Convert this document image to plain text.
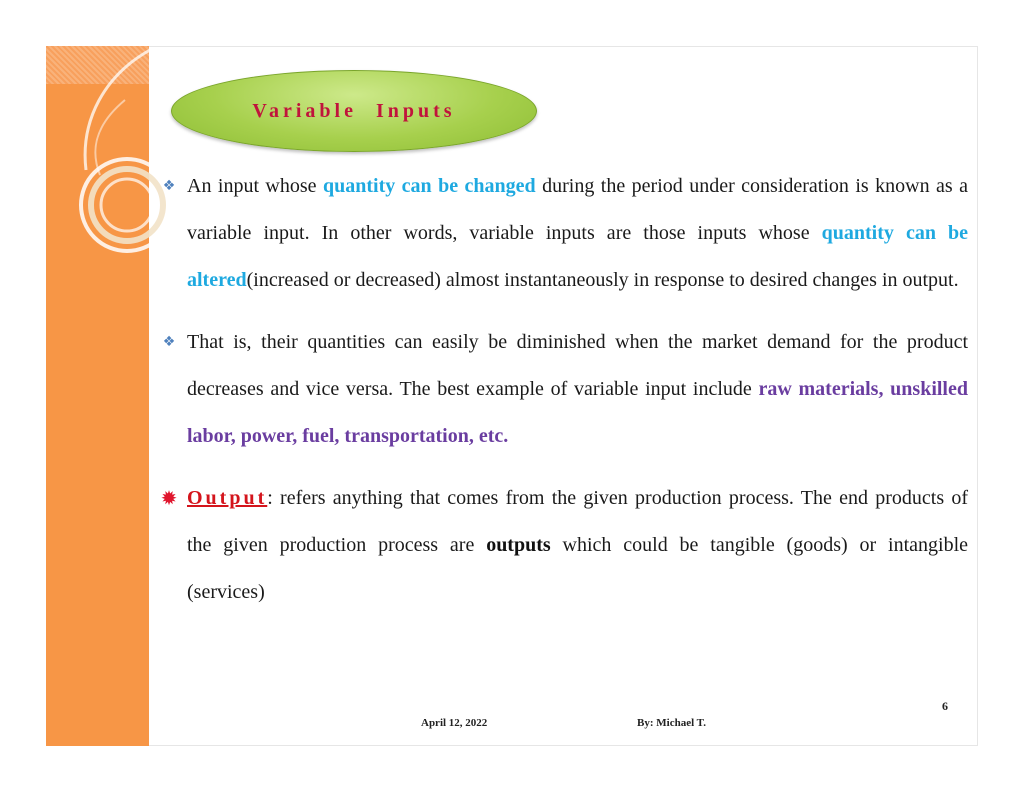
Variable Inputs
❖ An input whose quantity can be changed during the period under consideration is known as a variable input. In other words, variable inputs are those inputs whose quantity can be altered(increased or decreased) almost instantaneously in response to desired changes in output.
❖ That is, their quantities can easily be diminished when the market demand for the product decreases and vice versa. The best example of variable input include raw materials, unskilled labor, power, fuel, transportation, etc.
✹ Output: refers anything that comes from the given production process. The end products of the given production process are outputs which could be tangible (goods) or intangible (services)
6
April 12, 2022	By: Michael T.
